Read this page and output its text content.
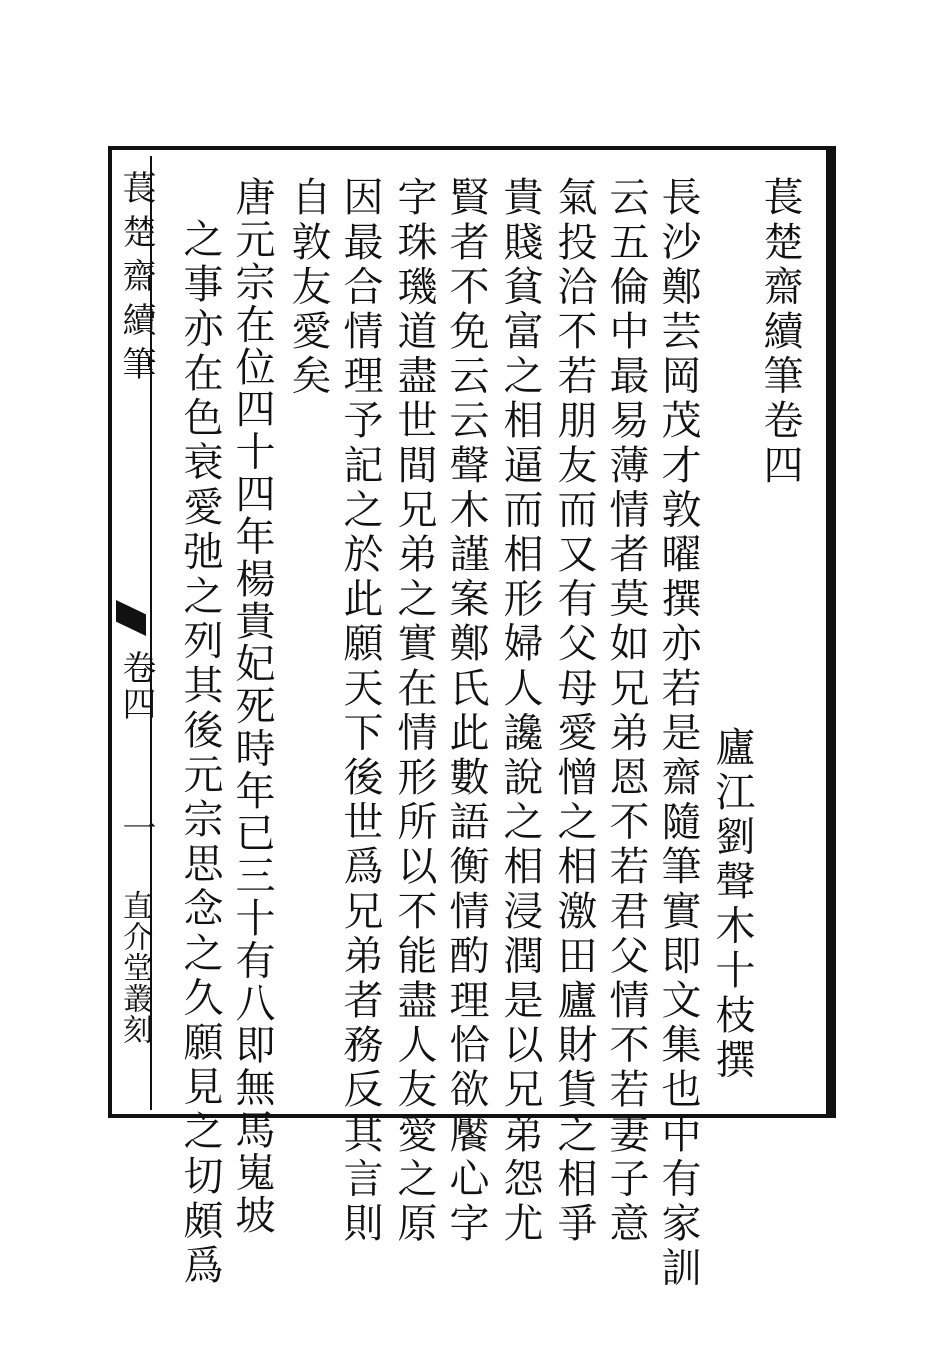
萇楚齋續筆
卷四
一
直介堂叢刻
萇楚齋續筆卷四
廬江劉聲木十枝撰
長沙鄭芸岡茂才敦曜撰亦若是齋隨筆實即文集也中有家訓
云五倫中最易薄情者莫如兄弟恩不若君父情不若妻子意
氣投洽不若朋友而又有父母愛憎之相激田廬財貨之相爭
貴賤貧富之相逼而相形婦人讒說之相浸潤是以兄弟怨尤
賢者不免云云聲木謹案鄭氏此數語衡情酌理恰欲饜心字
字珠璣道盡世間兄弟之實在情形所以不能盡人友愛之原
因最合情理予記之於此願天下後世爲兄弟者務反其言則
自敦友愛矣
唐元宗在位四十四年楊貴妃死時年已三十有八即無馬嵬坡
之事亦在色衰愛弛之列其後元宗思念之久願見之切頗爲
